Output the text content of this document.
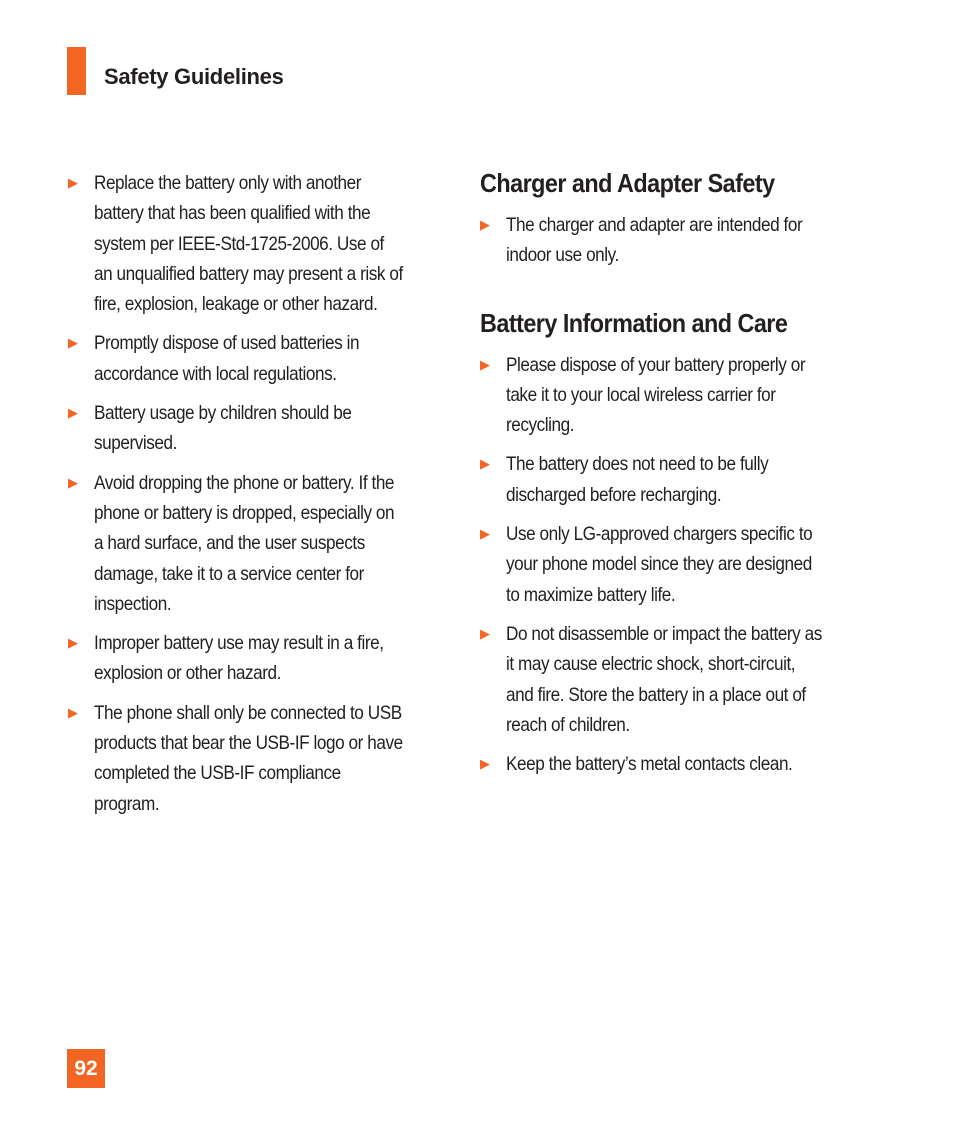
Safety Guidelines
▶ Replace the battery only with another battery that has been qualified with the system per IEEE-Std-1725-2006. Use of an unqualified battery may present a risk of fire, explosion, leakage or other hazard.
▶ Promptly dispose of used batteries in accordance with local regulations.
▶ Battery usage by children should be supervised.
▶ Avoid dropping the phone or battery. If the phone or battery is dropped, especially on a hard surface, and the user suspects damage, take it to a service center for inspection.
▶ Improper battery use may result in a fire, explosion or other hazard.
▶ The phone shall only be connected to USB products that bear the USB-IF logo or have completed the USB-IF compliance program.
Charger and Adapter Safety
▶ The charger and adapter are intended for indoor use only.
Battery Information and Care
▶ Please dispose of your battery properly or take it to your local wireless carrier for recycling.
▶ The battery does not need to be fully discharged before recharging.
▶ Use only LG-approved chargers specific to your phone model since they are designed to maximize battery life.
▶ Do not disassemble or impact the battery as it may cause electric shock, short-circuit, and fire. Store the battery in a place out of reach of children.
▶ Keep the battery’s metal contacts clean.
92
